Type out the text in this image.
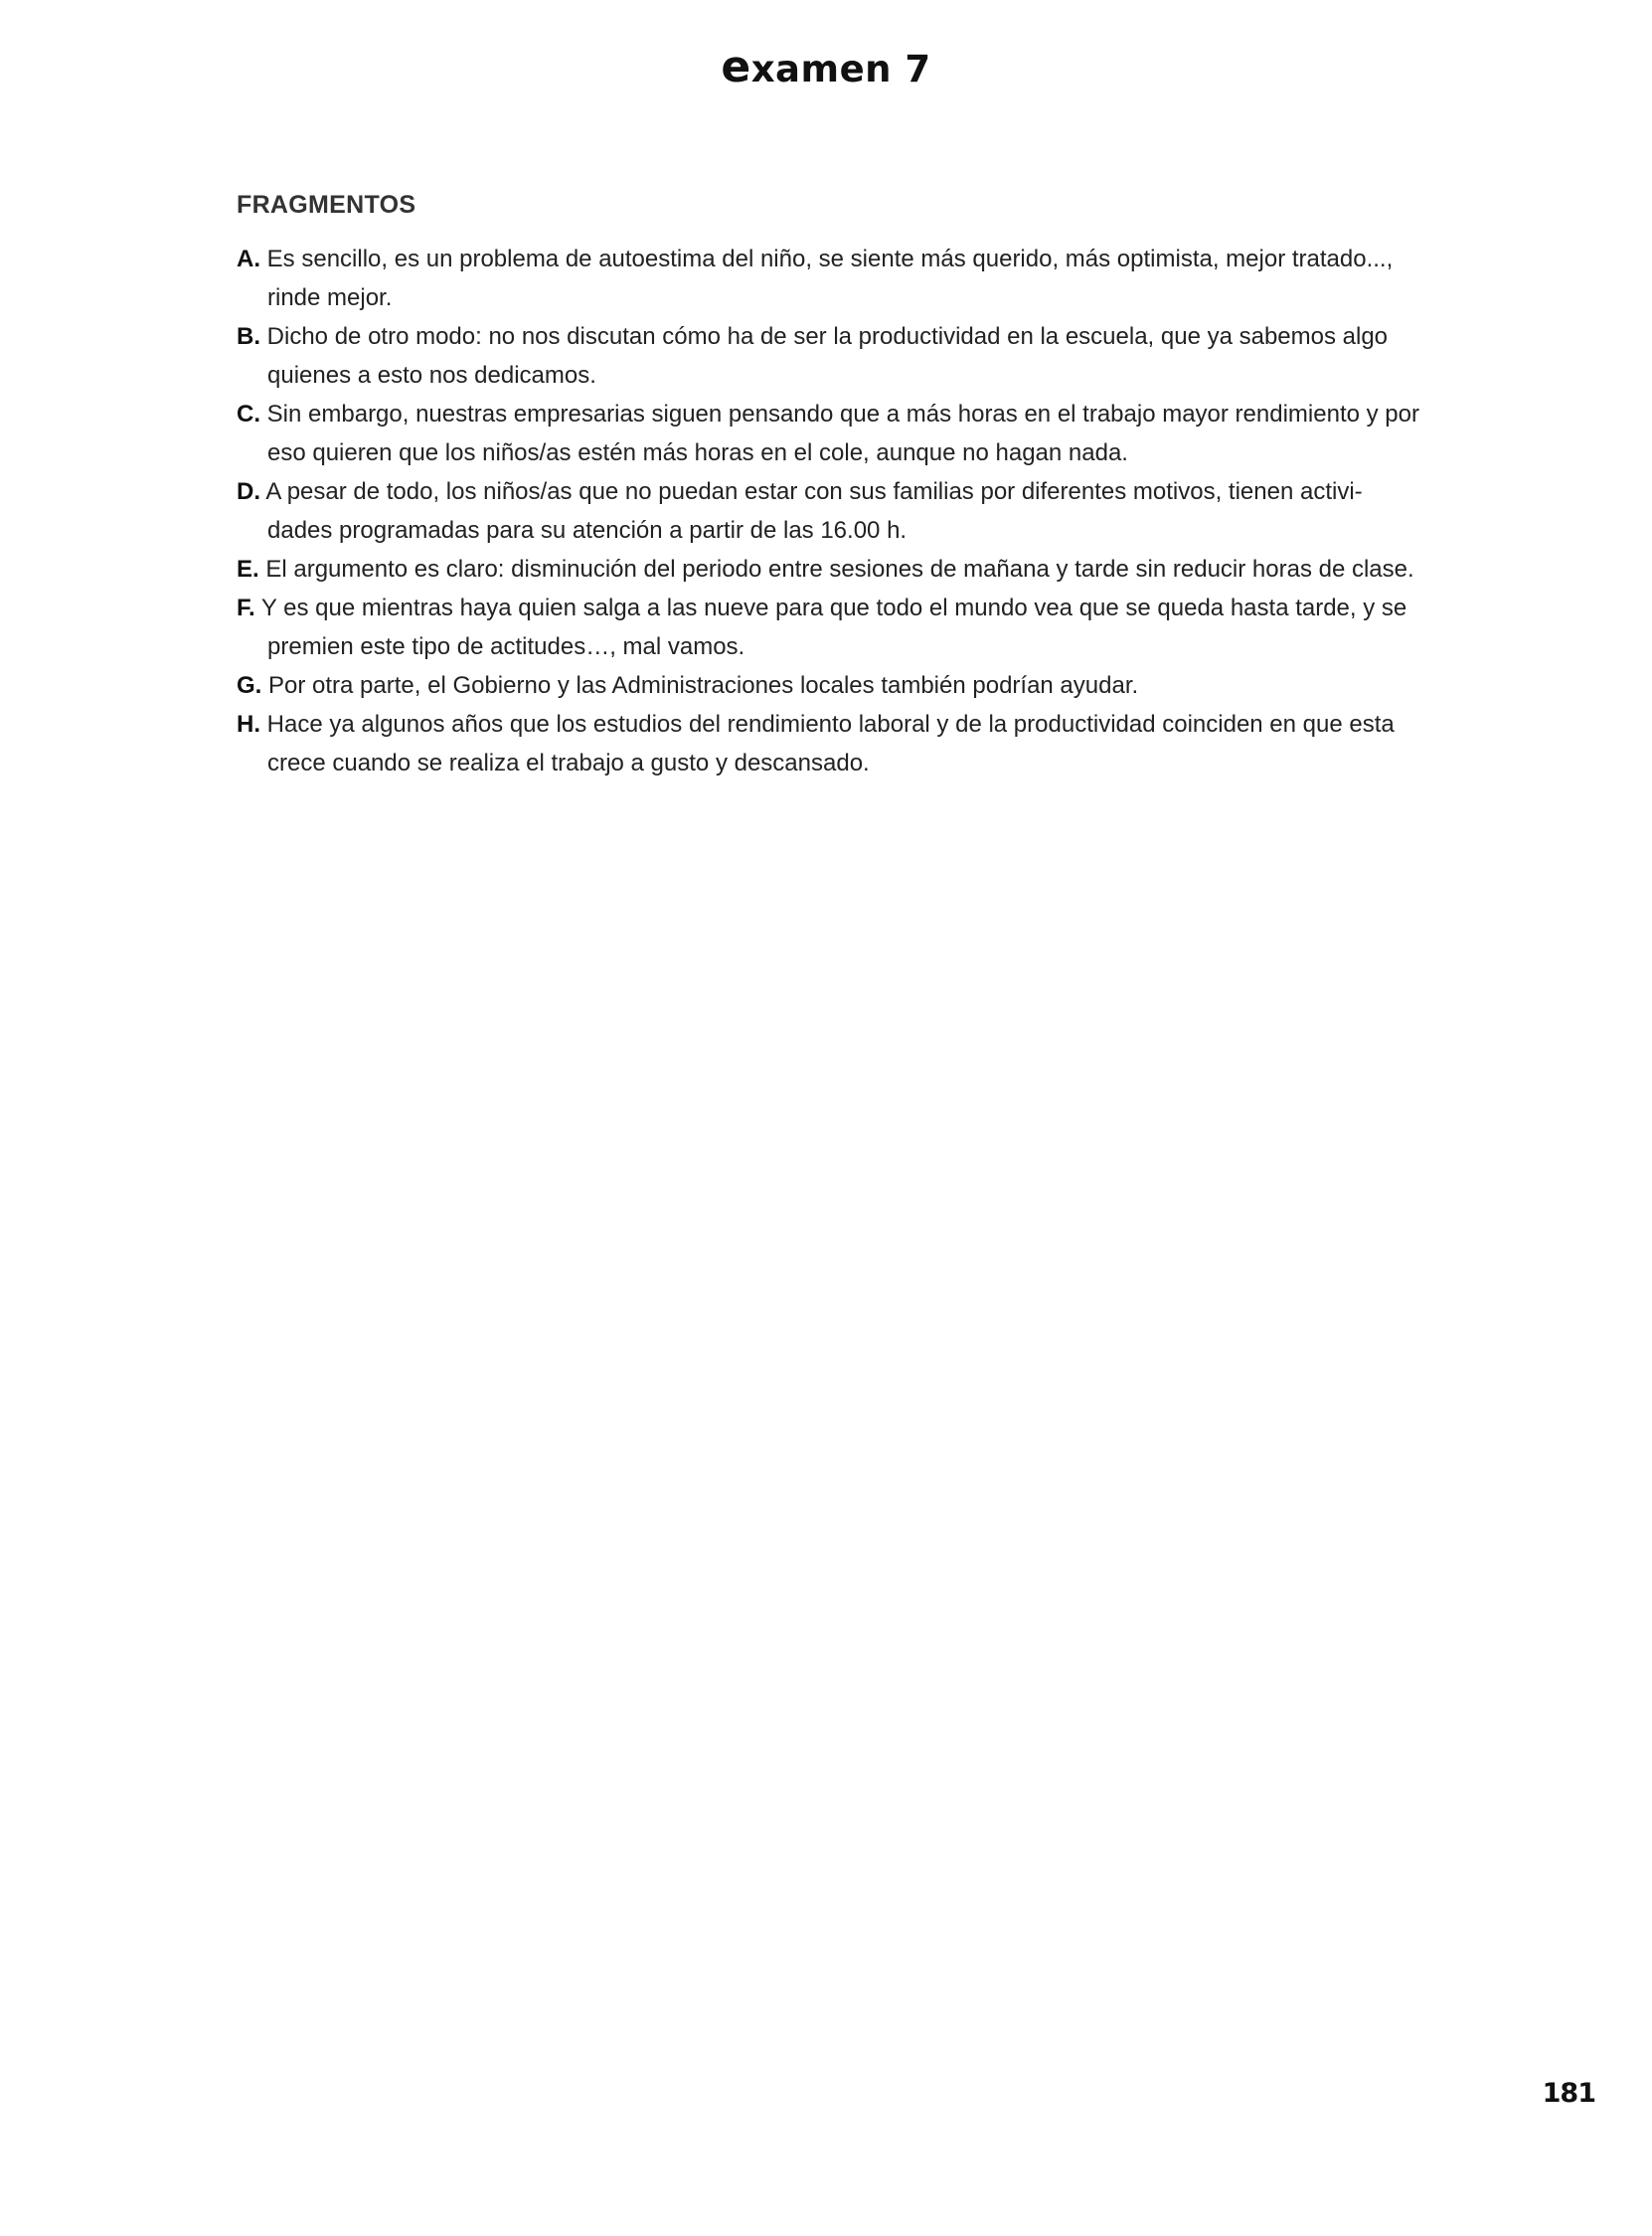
examen 7
FRAGMENTOS
A. Es sencillo, es un problema de autoestima del niño, se siente más querido, más optimista, mejor tratado..., rinde mejor.
B. Dicho de otro modo: no nos discutan cómo ha de ser la productividad en la escuela, que ya sabemos algo quienes a esto nos dedicamos.
C. Sin embargo, nuestras empresarias siguen pensando que a más horas en el trabajo mayor rendimiento y por eso quieren que los niños/as estén más horas en el cole, aunque no hagan nada.
D. A pesar de todo, los niños/as que no puedan estar con sus familias por diferentes motivos, tienen actividades programadas para su atención a partir de las 16.00 h.
E. El argumento es claro: disminución del periodo entre sesiones de mañana y tarde sin reducir horas de clase.
F. Y es que mientras haya quien salga a las nueve para que todo el mundo vea que se queda hasta tarde, y se premien este tipo de actitudes…, mal vamos.
G. Por otra parte, el Gobierno y las Administraciones locales también podrían ayudar.
H. Hace ya algunos años que los estudios del rendimiento laboral y de la productividad coinciden en que esta crece cuando se realiza el trabajo a gusto y descansado.
181
